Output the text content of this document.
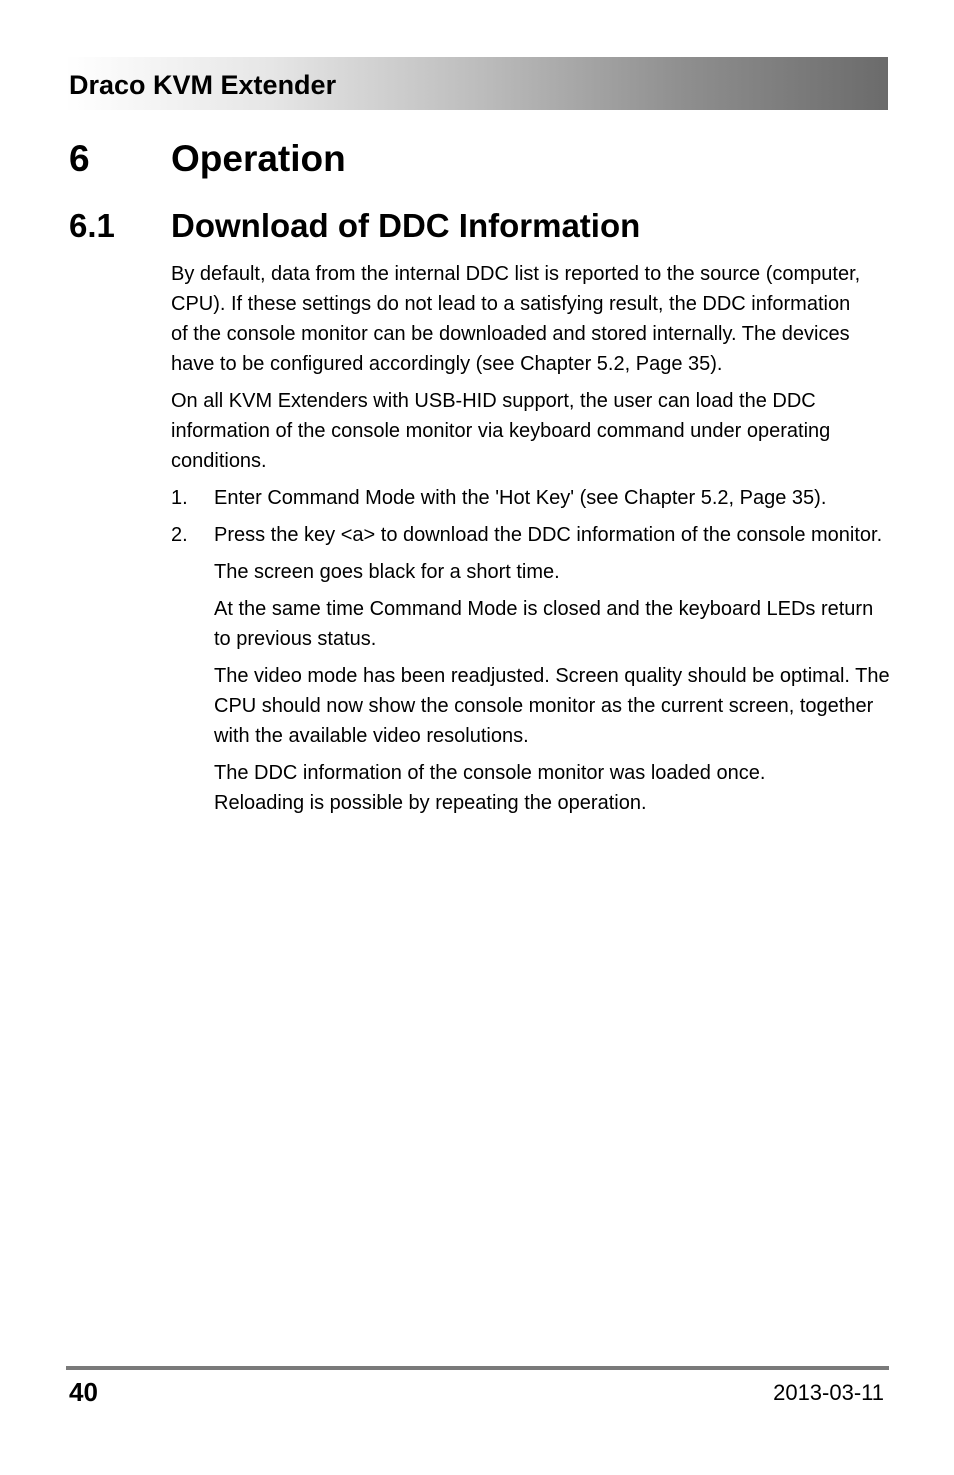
Draco KVM Extender
6 Operation
6.1 Download of DDC Information

By default, data from the internal DDC list is reported to the source (computer, CPU). If these settings do not lead to a satisfying result, the DDC information of the console monitor can be downloaded and stored internally. The devices have to be configured accordingly (see Chapter 5.2, Page 35).

On all KVM Extenders with USB-HID support, the user can load the DDC information of the console monitor via keyboard command under operating conditions.

1. Enter Command Mode with the 'Hot Key' (see Chapter 5.2, Page 35).
2. Press the key <a> to download the DDC information of the console monitor.
The screen goes black for a short time.
At the same time Command Mode is closed and the keyboard LEDs return to previous status.
The video mode has been readjusted. Screen quality should be optimal. The CPU should now show the console monitor as the current screen, together with the available video resolutions.
The DDC information of the console monitor was loaded once. Reloading is possible by repeating the operation.
40	2013-03-11
